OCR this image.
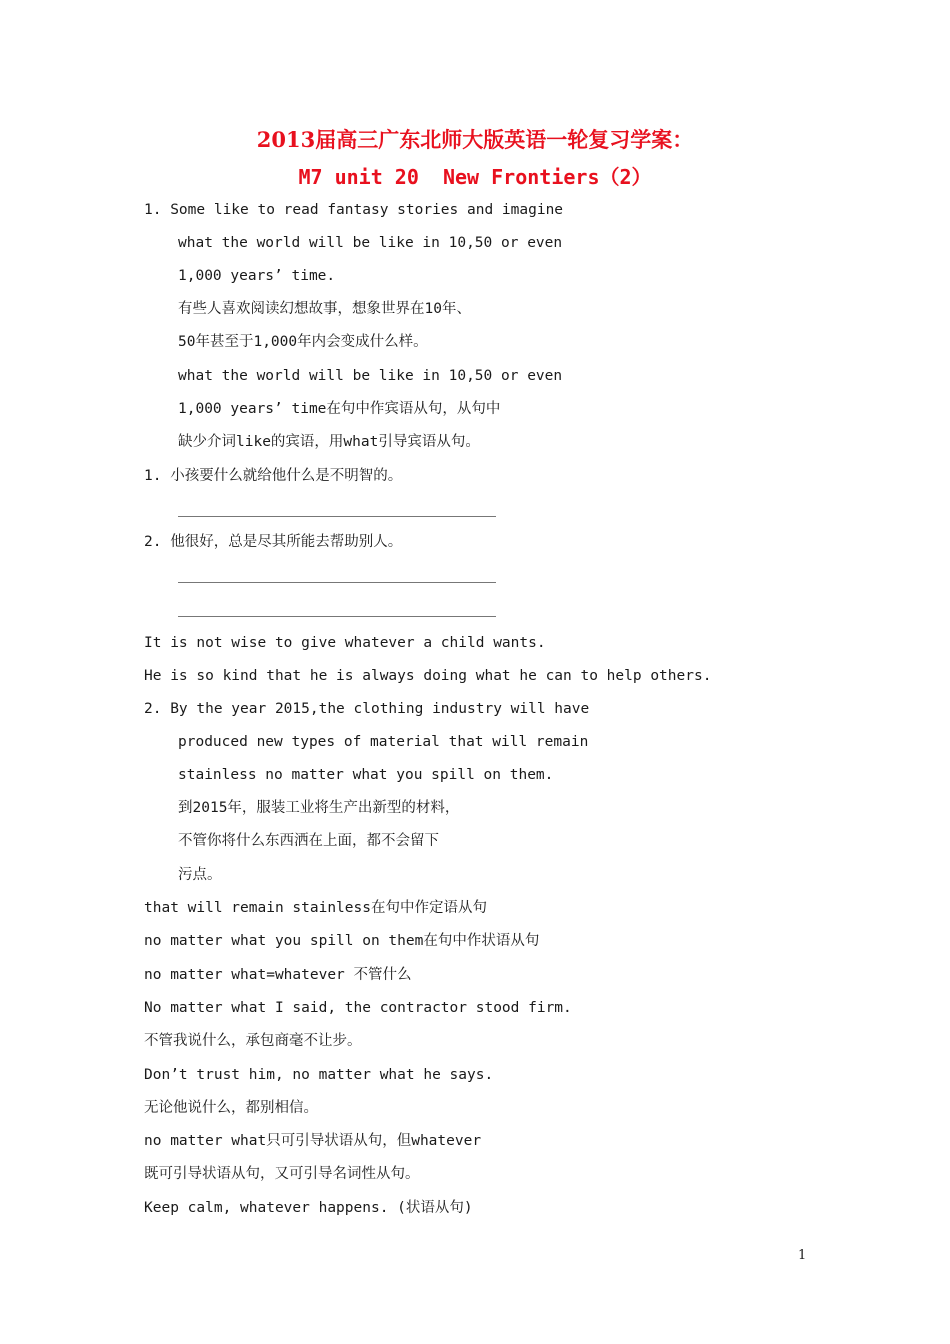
2013届高三广东北师大版英语一轮复习学案：
M7 unit 20  New Frontiers（2）
1. Some like to read fantasy stories and imagine
what the world will be like in 10,50 or even
1,000 years’ time.
有些人喜欢阅读幻想故事，想象世界在10年、
50年甚至于1,000年内会变成什么样。
what the world will be like in 10,50 or even
1,000 years’ time在句中作宾语从句，从句中
缺少介词like的宾语，用what引导宾语从句。
1. 小孩要什么就给他什么是不明智的。
2. 他很好，总是尽其所能去帮助别人。
It is not wise to give whatever a child wants.
He is so kind that he is always doing what he can to help others.
2. By the year 2015,the clothing industry will have
produced new types of material that will remain
stainless no matter what you spill on them.
到2015年，服装工业将生产出新型的材料，
不管你将什么东西洒在上面，都不会留下
污点。
that will remain stainless在句中作定语从句
no matter what you spill on them在句中作状语从句
no matter what=whatever 不管什么
No matter what I said, the contractor stood firm.
不管我说什么，承包商毫不让步。
Don’t trust him, no matter what he says.
无论他说什么，都别相信。
no matter what只可引导状语从句，但whatever
既可引导状语从句，又可引导名词性从句。
Keep calm, whatever happens. (状语从句)
1
